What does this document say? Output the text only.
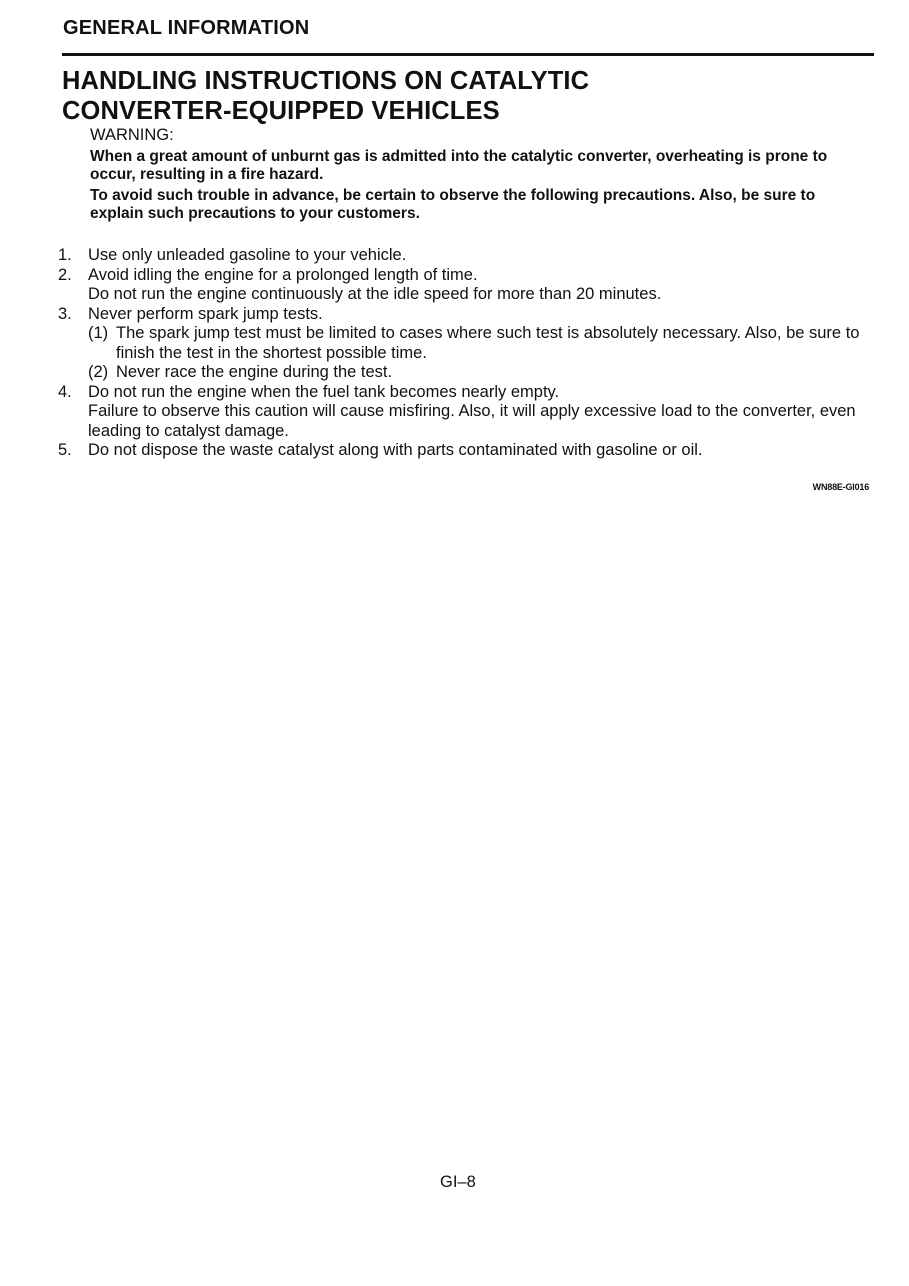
GENERAL INFORMATION
HANDLING INSTRUCTIONS ON CATALYTIC
CONVERTER-EQUIPPED VEHICLES
WARNING:

When a great amount of unburnt gas is admitted into the catalytic converter, overheating is prone to occur, resulting in a fire hazard.

To avoid such trouble in advance, be certain to observe the following precautions. Also, be sure to explain such precautions to your customers.

1. Use only unleaded gasoline to your vehicle.
2. Avoid idling the engine for a prolonged length of time.
Do not run the engine continuously at the idle speed for more than 20 minutes.
3. Never perform spark jump tests.
(1) The spark jump test must be limited to cases where such test is absolutely necessary. Also, be sure to finish the test in the shortest possible time.
(2) Never race the engine during the test.
4. Do not run the engine when the fuel tank becomes nearly empty.
Failure to observe this caution will cause misfiring. Also, it will apply excessive load to the converter, even leading to catalyst damage.
5. Do not dispose the waste catalyst along with parts contaminated with gasoline or oil.
WN88E-GI016
GI–8
